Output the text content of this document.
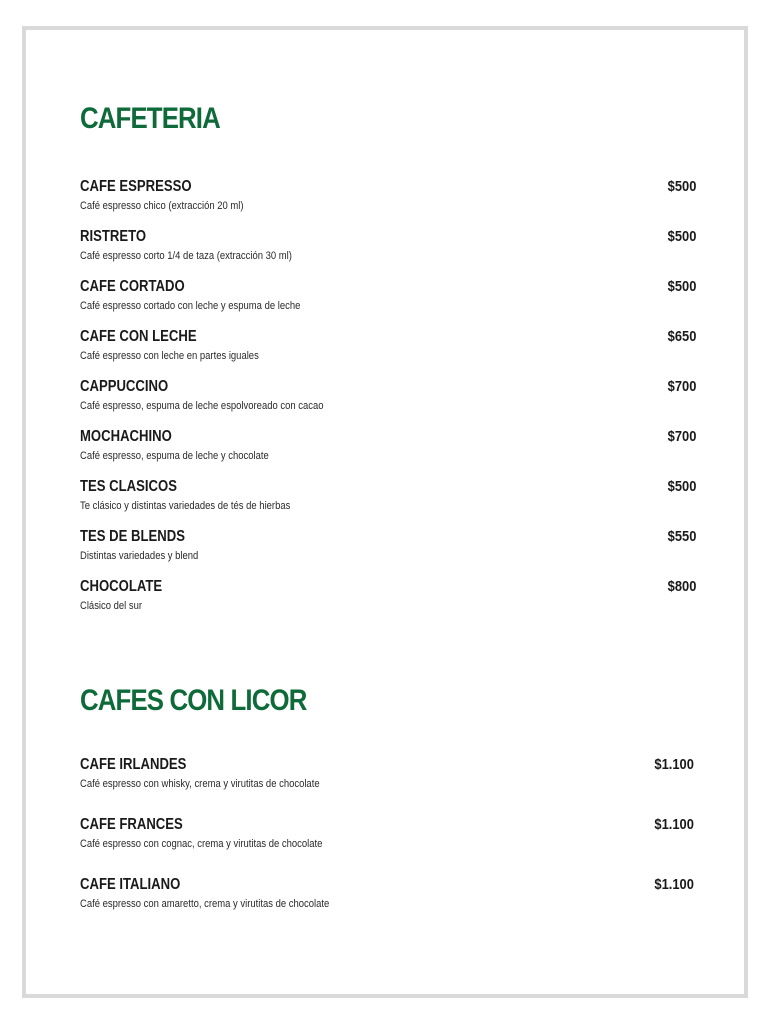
CAFETERIA
CAFE ESPRESSO
Café espresso chico (extracción 20 ml)
$500
RISTRETO
Café espresso corto 1/4 de taza (extracción 30 ml)
$500
CAFE CORTADO
Café espresso cortado con leche y espuma de leche
$500
CAFE CON LECHE
Café espresso con leche en partes iguales
$650
CAPPUCCINO
Café espresso, espuma de leche espolvoreado con cacao
$700
MOCHACHINO
Café espresso, espuma de leche y chocolate
$700
TES CLASICOS
Te clásico y distintas variedades de tés de hierbas
$500
TES DE BLENDS
Distintas variedades y blend
$550
CHOCOLATE
Clásico del sur
$800
CAFES CON LICOR
CAFE IRLANDES
Café espresso con whisky, crema y virutitas de chocolate
$1.100
CAFE FRANCES
Café espresso con cognac, crema y virutitas de chocolate
$1.100
CAFE ITALIANO
Café espresso con amaretto, crema y virutitas de chocolate
$1.100
